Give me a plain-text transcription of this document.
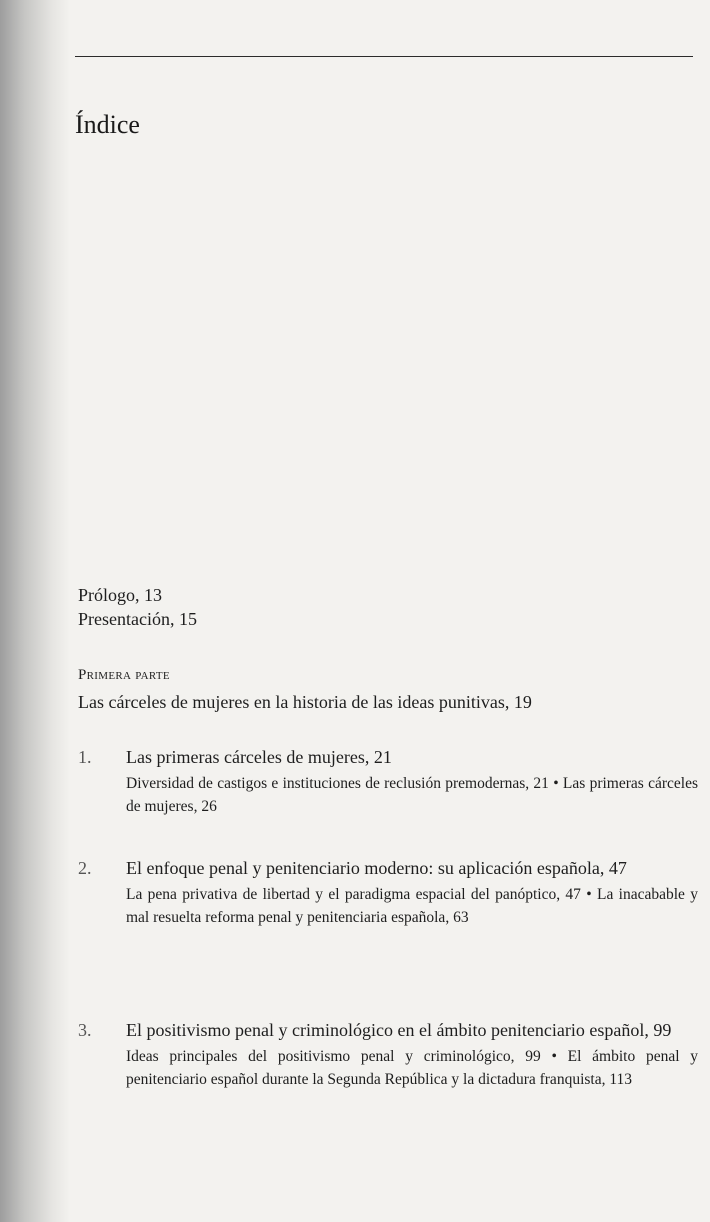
Índice
Prólogo, 13
Presentación, 15
Primera parte
Las cárceles de mujeres en la historia de las ideas punitivas, 19
1. Las primeras cárceles de mujeres, 21
Diversidad de castigos e instituciones de reclusión premodernas, 21 • Las primeras cárceles de mujeres, 26
2. El enfoque penal y penitenciario moderno: su aplicación española, 47
La pena privativa de libertad y el paradigma espacial del panóptico, 47 • La inacabable y mal resuelta reforma penal y penitenciaria española, 63
3. El positivismo penal y criminológico en el ámbito penitenciario español, 99
Ideas principales del positivismo penal y criminológico, 99 • El ámbito penal y penitenciario español durante la Segunda República y la dictadura franquista, 113
